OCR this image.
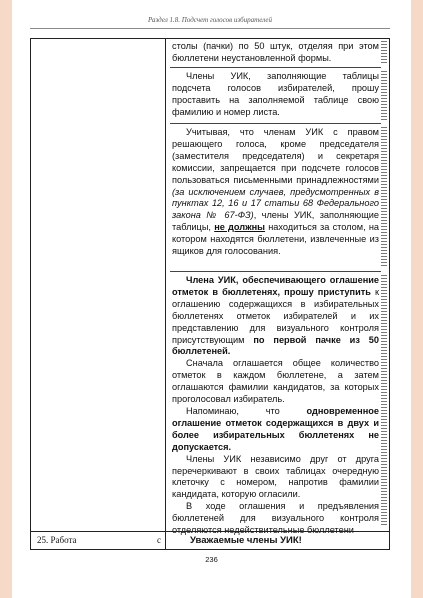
Раздел 1.8. Подсчет голосов избирателей

столы (пачки) по 50 штук, отделяя при этом бюллетени неустановленной формы.

Члены УИК, заполняющие таблицы подсчета голосов избирателей, прошу проставить на заполняемой таблице свою фамилию и номер листа.

Учитывая, что членам УИК с правом решающего голоса, кроме председателя (заместителя председателя) и секретаря комиссии, запрещается при подсчете голосов пользоваться письменными принадлежностями (за исключением случаев, предусмотренных в пунктах 12, 16 и 17 статьи 68 Федерального закона № 67-ФЗ), члены УИК, заполняющие таблицы, не должны находиться за столом, на котором находятся бюллетени, извлеченные из ящиков для голосования.

Члена УИК, обеспечивающего оглашение отметок в бюллетенях, прошу приступить к оглашению содержащихся в избирательных бюллетенях отметок избирателей и их представлению для визуального контроля присутствующим по первой пачке из 50 бюллетеней.

Сначала оглашается общее количество отметок в каждом бюллетене, а затем оглашаются фамилии кандидатов, за которых проголосовал избиратель.

Напоминаю, что одновременное оглашение отметок содержащихся в двух и более избирательных бюллетенях не допускается.

Члены УИК независимо друг от друга перечеркивают в своих таблицах очередную клеточку с номером, напротив фамилии кандидата, которую огласили.

В ходе оглашения и предъявления бюллетеней для визуального контроля отделяются недействительные бюллетени

25. Работа	с	Уважаемые члены УИК!
236
